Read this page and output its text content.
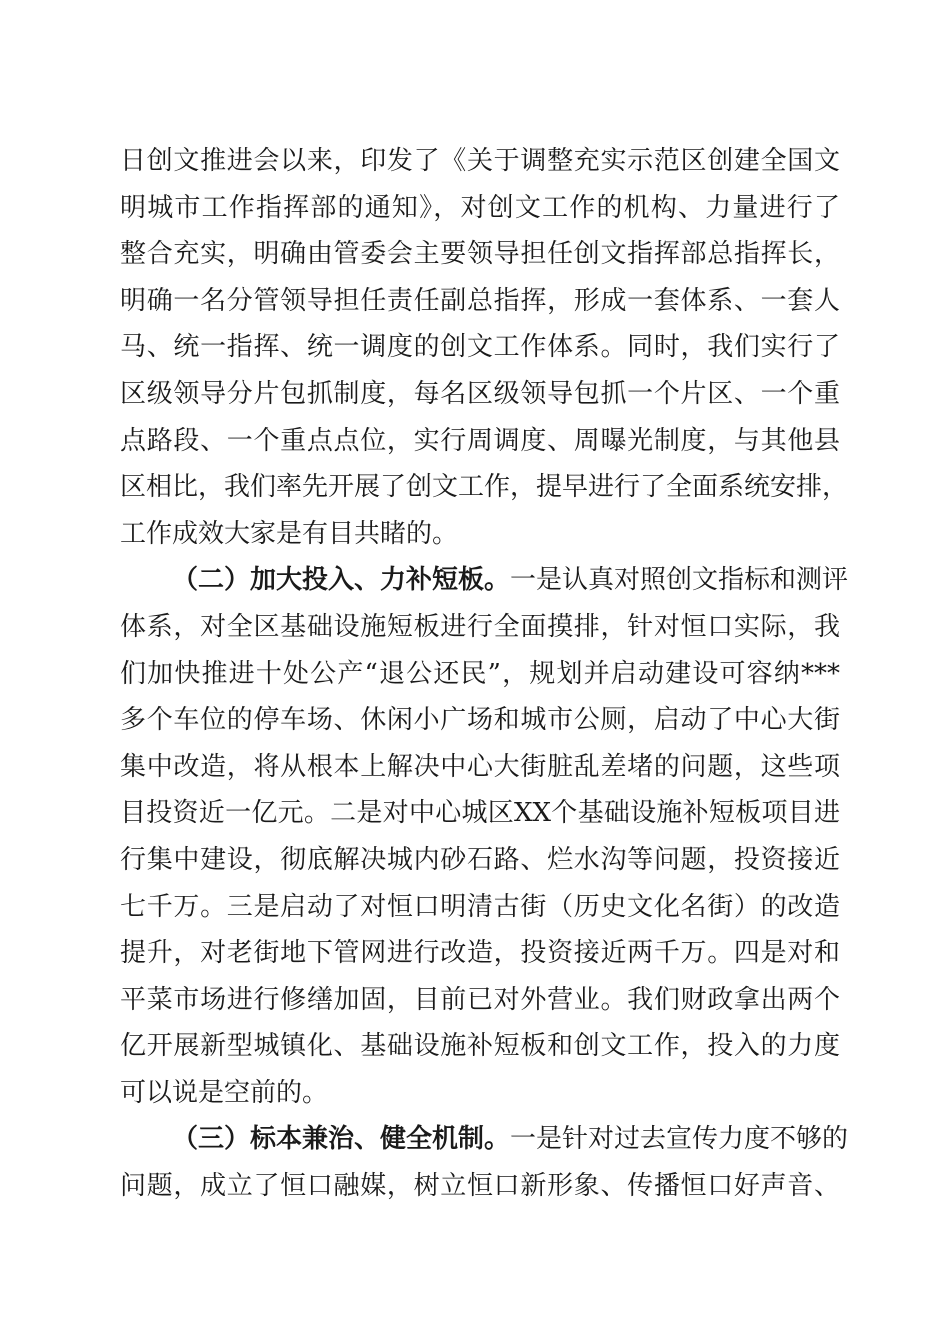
日创文推进会以来，印发了《关于调整充实示范区创建全国文
明城市工作指挥部的通知》，对创文工作的机构、力量进行了
整合充实，明确由管委会主要领导担任创文指挥部总指挥长，
明确一名分管领导担任责任副总指挥，形成一套体系、一套人
马、统一指挥、统一调度的创文工作体系。同时，我们实行了
区级领导分片包抓制度，每名区级领导包抓一个片区、一个重
点路段、一个重点点位，实行周调度、周曝光制度，与其他县
区相比，我们率先开展了创文工作，提早进行了全面系统安排，
工作成效大家是有目共睹的。
（二）加大投入、力补短板。一是认真对照创文指标和测评
体系，对全区基础设施短板进行全面摸排，针对恒口实际，我
们加快推进十处公产“退公还民”，规划并启动建设可容纳***
多个车位的停车场、休闲小广场和城市公厕，启动了中心大街
集中改造，将从根本上解决中心大街脏乱差堵的问题，这些项
目投资近一亿元。二是对中心城区XX个基础设施补短板项目进
行集中建设，彻底解决城内砂石路、烂水沟等问题，投资接近
七千万。三是启动了对恒口明清古街（历史文化名街）的改造
提升，对老街地下管网进行改造，投资接近两千万。四是对和
平菜市场进行修缮加固，目前已对外营业。我们财政拿出两个
亿开展新型城镇化、基础设施补短板和创文工作，投入的力度
可以说是空前的。
（三）标本兼治、健全机制。一是针对过去宣传力度不够的
问题，成立了恒口融媒，树立恒口新形象、传播恒口好声音、
